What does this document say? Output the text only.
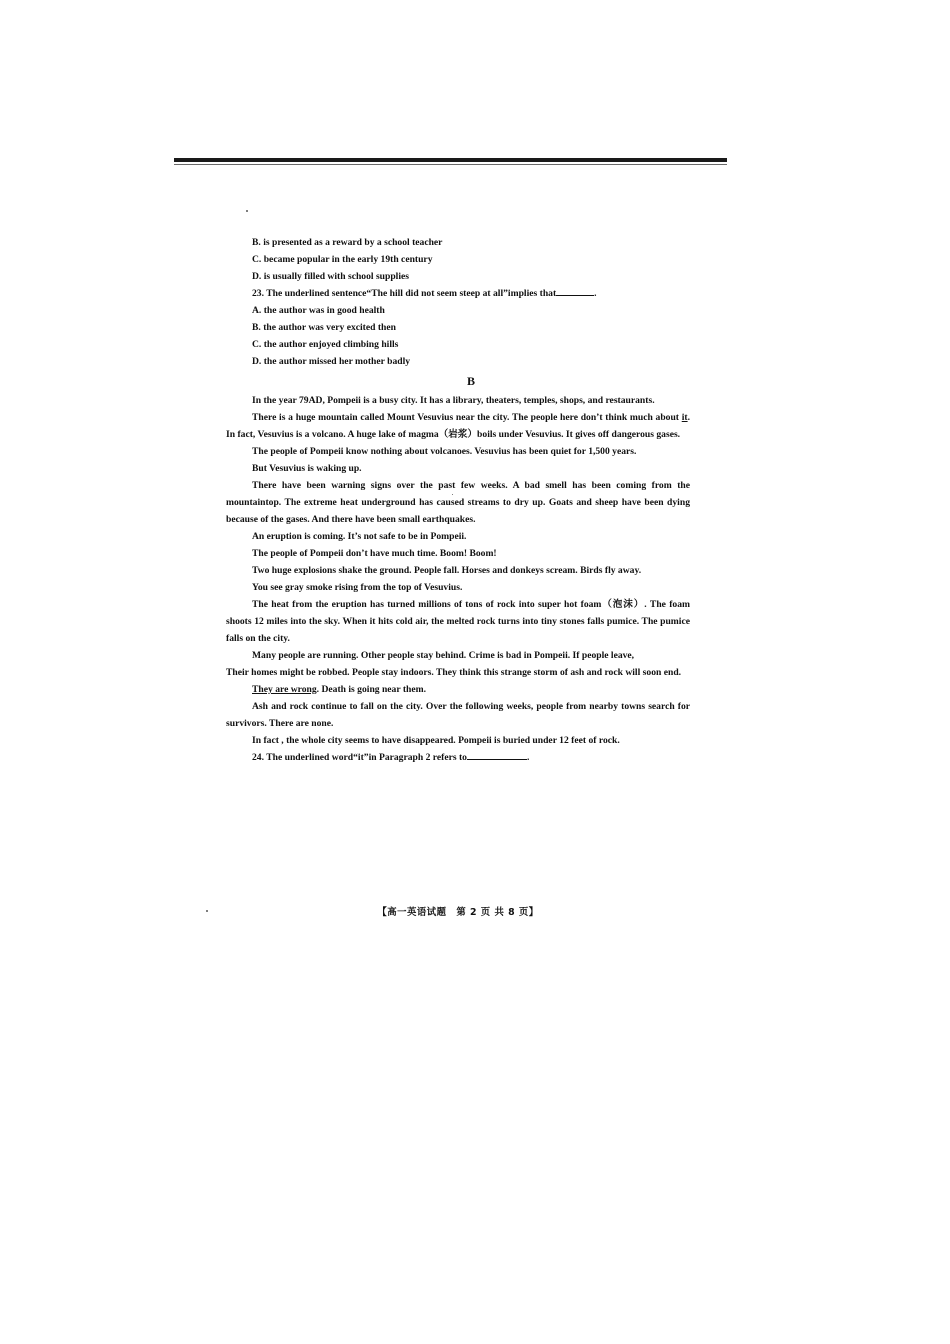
B. is presented as a reward by a school teacher

C. became popular in the early 19th century

D. is usually filled with school supplies

23. The underlined sentence“The hill did not seem steep at all”implies that	.

A. the author was in good health

B. the author was very excited then

C. the author enjoyed climbing hills

D. the author missed her mother badly

B

In the year 79AD, Pompeii is a busy city. It has a library, theaters, temples, shops, and restaurants.

There is a huge mountain called Mount Vesuvius near the city. The people here don’t think much about it. In fact, Vesuvius is a volcano. A huge lake of magma（岩浆）boils under Vesuvius. It gives off dangerous gases.

The people of Pompeii know nothing about volcanoes. Vesuvius has been quiet for 1,500 years.

But Vesuvius is waking up.

There have been warning signs over the past few weeks. A bad smell has been coming from the mountaintop. The extreme heat underground has caused streams to dry up. Goats and sheep have been dying because of the gases. And there have been small earthquakes.

An eruption is coming. It’s not safe to be in Pompeii.

The people of Pompeii don’t have much time. Boom! Boom!

Two huge explosions shake the ground. People fall. Horses and donkeys scream. Birds fly away.

You see gray smoke rising from the top of Vesuvius.

The heat from the eruption has turned millions of tons of rock into super hot foam（泡沫）. The foam shoots 12 miles into the sky. When it hits cold air, the melted rock turns into tiny stones falls pumice. The pumice falls on the city.

Many people are running. Other people stay behind. Crime is bad in Pompeii. If people leave,

Their homes might be robbed. People stay indoors. They think this strange storm of ash and rock will soon end.

They are wrong. Death is going near them.

Ash and rock continue to fall on the city. Over the following weeks, people from nearby towns search for survivors. There are none.

In fact , the whole city seems to have disappeared. Pompeii is buried under 12 feet of rock.

24. The underlined word“it”in Paragraph 2 refers to	.

【高一英语试题　第 2 页 共 8 页】
